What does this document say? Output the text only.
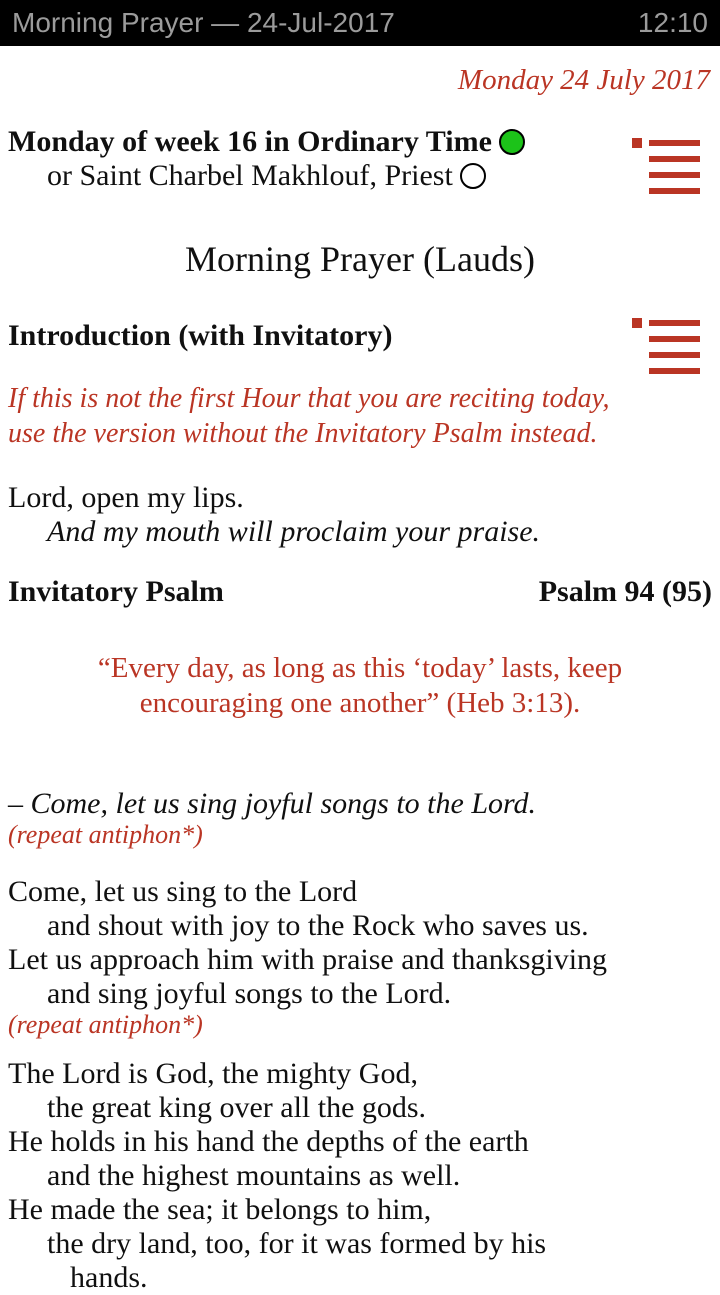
Morning Prayer — 24-Jul-2017	12:10
Monday 24 July 2017
Monday of week 16 in Ordinary Time
or Saint Charbel Makhlouf, Priest
Morning Prayer (Lauds)
Introduction (with Invitatory)
If this is not the first Hour that you are reciting today,
use the version without the Invitatory Psalm instead.
Lord, open my lips.
And my mouth will proclaim your praise.
Invitatory Psalm	Psalm 94 (95)
“Every day, as long as this ‘today’ lasts, keep
encouraging one another” (Heb 3:13).
– Come, let us sing joyful songs to the Lord.
(repeat antiphon*)
Come, let us sing to the Lord
and shout with joy to the Rock who saves us.
Let us approach him with praise and thanksgiving
and sing joyful songs to the Lord.
(repeat antiphon*)
The Lord is God, the mighty God,
the great king over all the gods.
He holds in his hand the depths of the earth
and the highest mountains as well.
He made the sea; it belongs to him,
the dry land, too, for it was formed by his
hands.
